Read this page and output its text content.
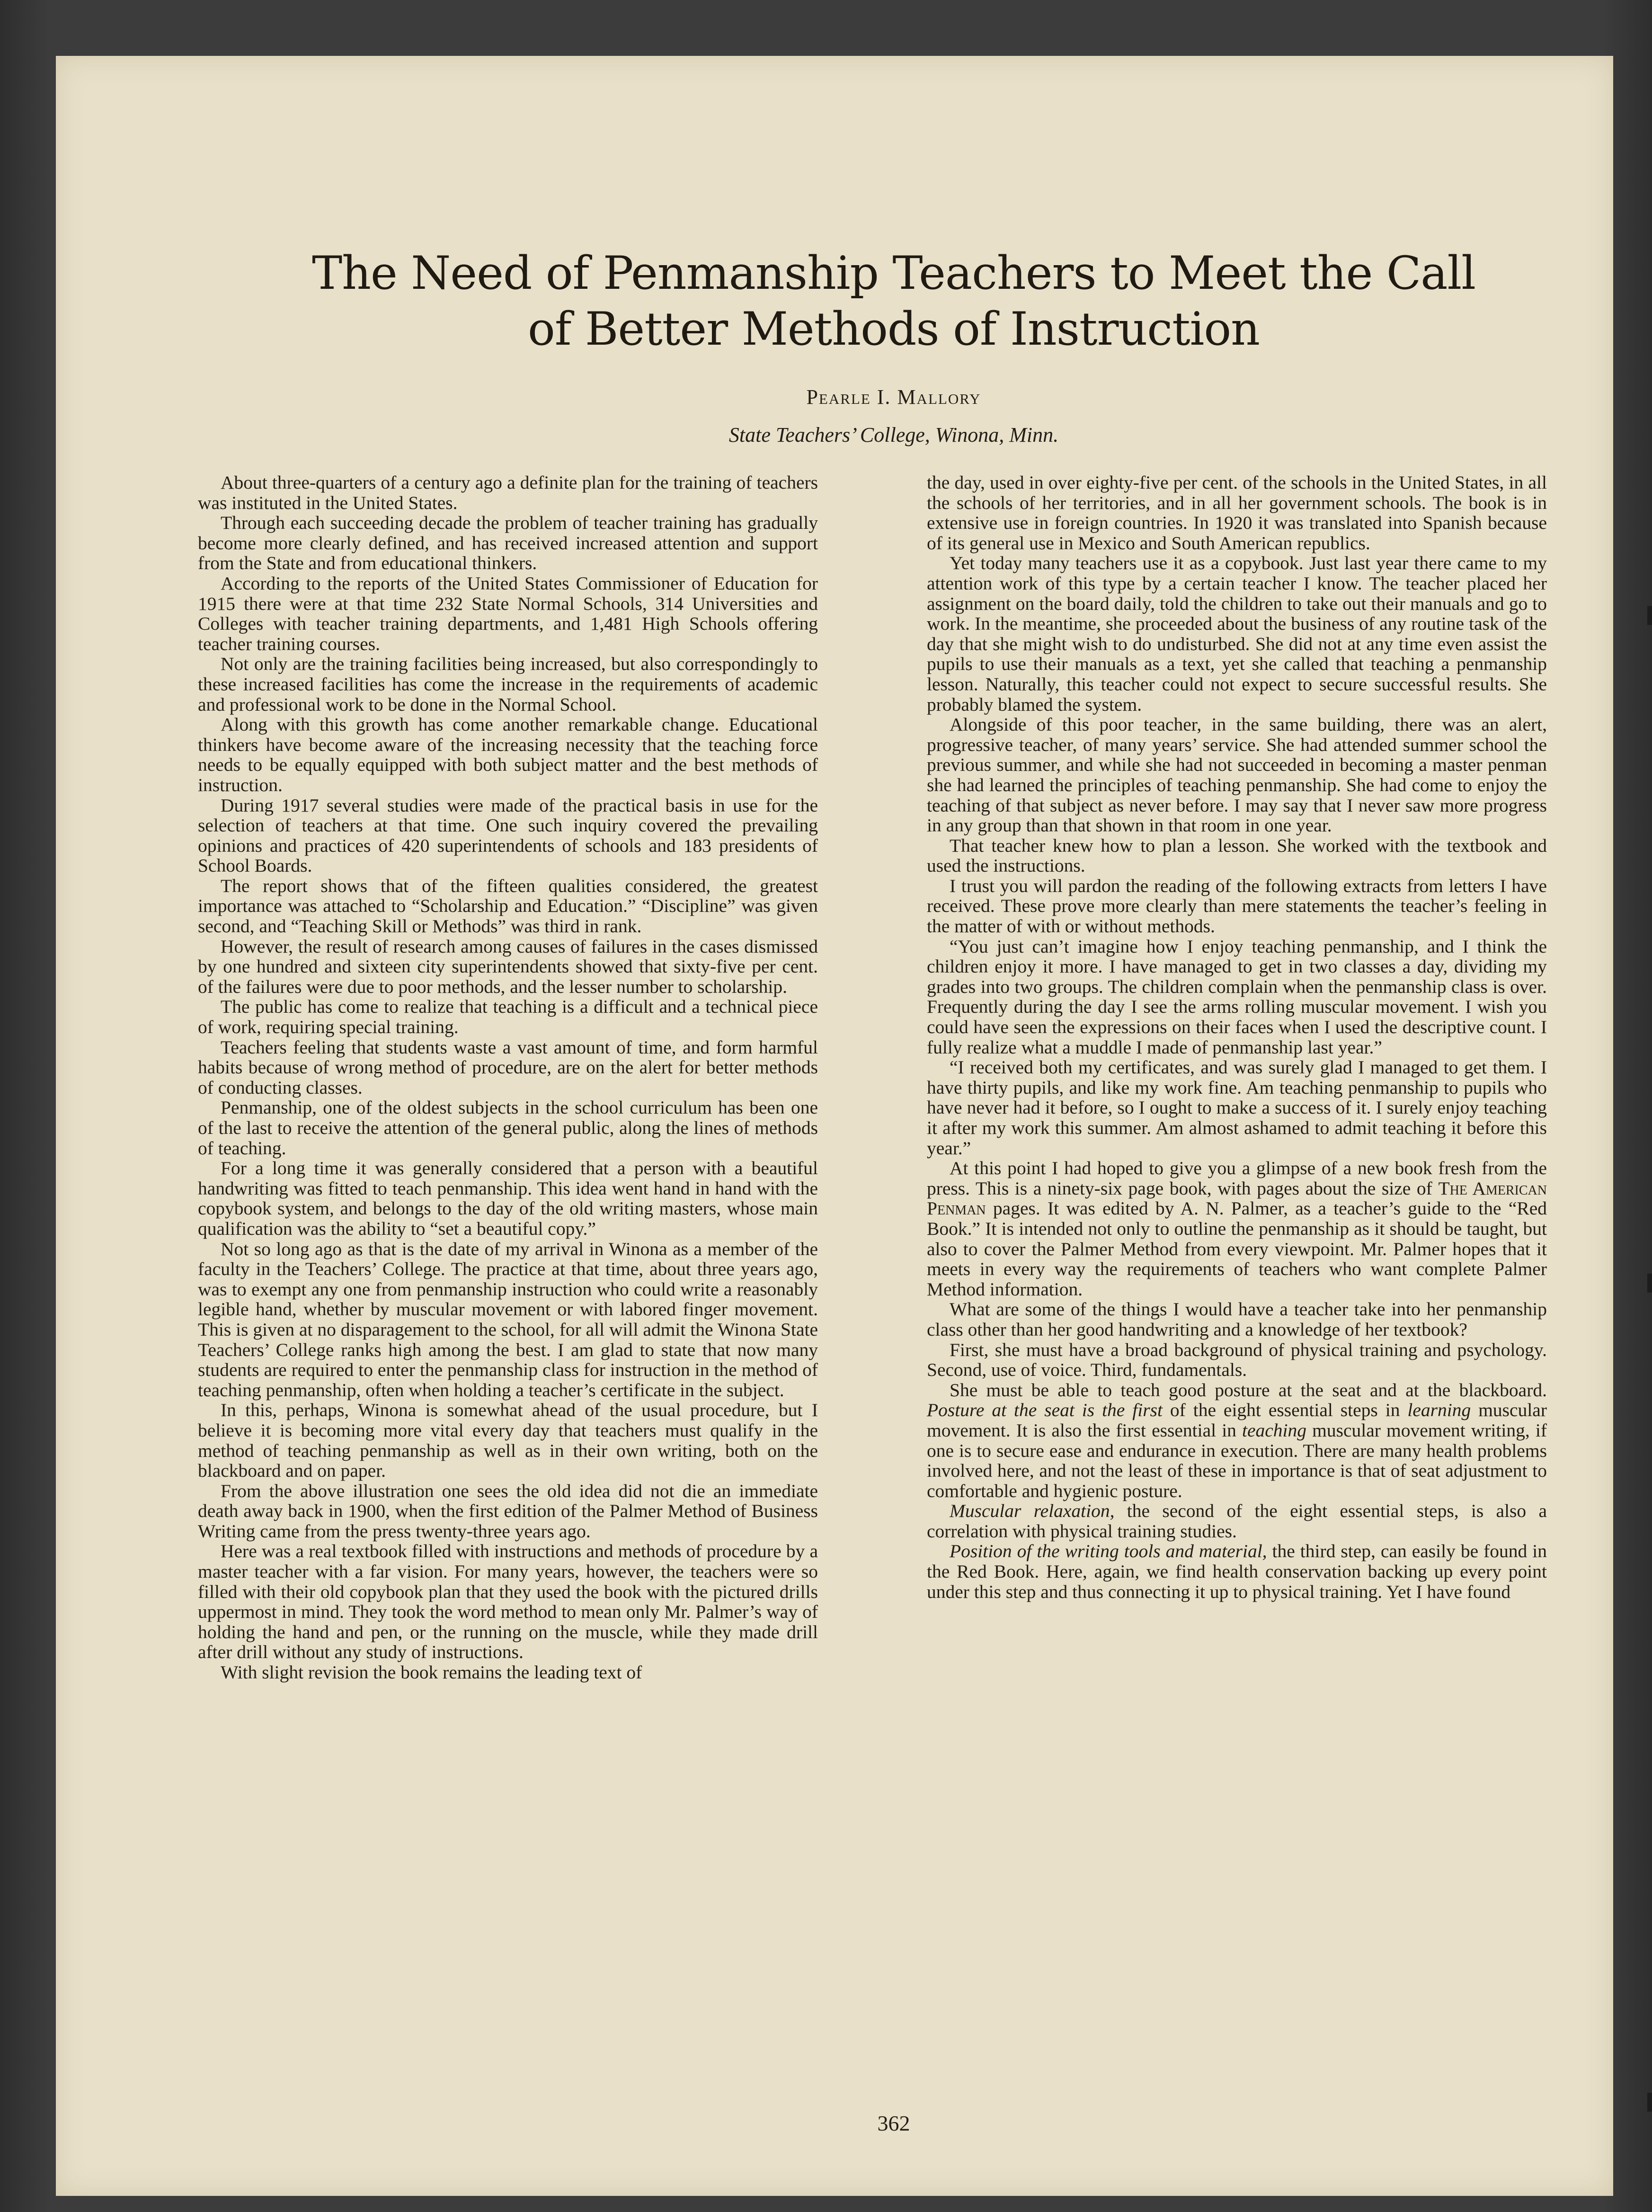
The Need of Penmanship Teachers to Meet the Call
of Better Methods of Instruction
Pearle I. Mallory
State Teachers’ College, Winona, Minn.

About three-quarters of a century ago a definite plan for the training of teachers was instituted in the United States.

Through each succeeding decade the problem of teacher training has gradually become more clearly defined, and has received increased attention and support from the State and from educational thinkers.

According to the reports of the United States Commissioner of Education for 1915 there were at that time 232 State Normal Schools, 314 Universities and Colleges with teacher training departments, and 1,481 High Schools offering teacher training courses.

Not only are the training facilities being increased, but also correspondingly to these increased facilities has come the increase in the requirements of academic and professional work to be done in the Normal School.

Along with this growth has come another remarkable change. Educational thinkers have become aware of the increasing necessity that the teaching force needs to be equally equipped with both subject matter and the best methods of instruction.

During 1917 several studies were made of the practical basis in use for the selection of teachers at that time. One such inquiry covered the prevailing opinions and practices of 420 superintendents of schools and 183 presidents of School Boards.

The report shows that of the fifteen qualities considered, the greatest importance was attached to “Scholarship and Education.” “Discipline” was given second, and “Teaching Skill or Methods” was third in rank.

However, the result of research among causes of failures in the cases dismissed by one hundred and sixteen city superintendents showed that sixty-five per cent. of the failures were due to poor methods, and the lesser number to scholarship.

The public has come to realize that teaching is a difficult and a technical piece of work, requiring special training.

Teachers feeling that students waste a vast amount of time, and form harmful habits because of wrong method of procedure, are on the alert for better methods of conducting classes.

Penmanship, one of the oldest subjects in the school curriculum has been one of the last to receive the attention of the general public, along the lines of methods of teaching.

For a long time it was generally considered that a person with a beautiful handwriting was fitted to teach penmanship. This idea went hand in hand with the copybook system, and belongs to the day of the old writing masters, whose main qualification was the ability to “set a beautiful copy.”

Not so long ago as that is the date of my arrival in Winona as a member of the faculty in the Teachers’ College. The practice at that time, about three years ago, was to exempt any one from penmanship instruction who could write a reasonably legible hand, whether by muscular movement or with labored finger movement. This is given at no disparagement to the school, for all will admit the Winona State Teachers’ College ranks high among the best. I am glad to state that now many students are required to enter the penmanship class for instruction in the method of teaching penmanship, often when holding a teacher’s certificate in the subject.

In this, perhaps, Winona is somewhat ahead of the usual procedure, but I believe it is becoming more vital every day that teachers must qualify in the method of teaching penmanship as well as in their own writing, both on the blackboard and on paper.

From the above illustration one sees the old idea did not die an immediate death away back in 1900, when the first edition of the Palmer Method of Business Writing came from the press twenty-three years ago.

Here was a real textbook filled with instructions and methods of procedure by a master teacher with a far vision. For many years, however, the teachers were so filled with their old copybook plan that they used the book with the pictured drills uppermost in mind. They took the word method to mean only Mr. Palmer’s way of holding the hand and pen, or the running on the muscle, while they made drill after drill without any study of instructions.

With slight revision the book remains the leading text of

the day, used in over eighty-five per cent. of the schools in the United States, in all the schools of her territories, and in all her government schools. The book is in extensive use in foreign countries. In 1920 it was translated into Spanish because of its general use in Mexico and South American republics.

Yet today many teachers use it as a copybook. Just last year there came to my attention work of this type by a certain teacher I know. The teacher placed her assignment on the board daily, told the children to take out their manuals and go to work. In the meantime, she proceeded about the business of any routine task of the day that she might wish to do undisturbed. She did not at any time even assist the pupils to use their manuals as a text, yet she called that teaching a penmanship lesson. Naturally, this teacher could not expect to secure successful results. She probably blamed the system.

Alongside of this poor teacher, in the same building, there was an alert, progressive teacher, of many years’ service. She had attended summer school the previous summer, and while she had not succeeded in becoming a master penman she had learned the principles of teaching penmanship. She had come to enjoy the teaching of that subject as never before. I may say that I never saw more progress in any group than that shown in that room in one year.

That teacher knew how to plan a lesson. She worked with the textbook and used the instructions.

I trust you will pardon the reading of the following extracts from letters I have received. These prove more clearly than mere statements the teacher’s feeling in the matter of with or without methods.

“You just can’t imagine how I enjoy teaching penmanship, and I think the children enjoy it more. I have managed to get in two classes a day, dividing my grades into two groups. The children complain when the penmanship class is over. Frequently during the day I see the arms rolling muscular movement. I wish you could have seen the expressions on their faces when I used the descriptive count. I fully realize what a muddle I made of penmanship last year.”

“I received both my certificates, and was surely glad I managed to get them. I have thirty pupils, and like my work fine. Am teaching penmanship to pupils who have never had it before, so I ought to make a success of it. I surely enjoy teaching it after my work this summer. Am almost ashamed to admit teaching it before this year.”

At this point I had hoped to give you a glimpse of a new book fresh from the press. This is a ninety-six page book, with pages about the size of The American Penman pages. It was edited by A. N. Palmer, as a teacher’s guide to the “Red Book.” It is intended not only to outline the penmanship as it should be taught, but also to cover the Palmer Method from every viewpoint. Mr. Palmer hopes that it meets in every way the requirements of teachers who want complete Palmer Method information.

What are some of the things I would have a teacher take into her penmanship class other than her good handwriting and a knowledge of her textbook?

First, she must have a broad background of physical training and psychology. Second, use of voice. Third, fundamentals.

She must be able to teach good posture at the seat and at the blackboard. Posture at the seat is the first of the eight essential steps in learning muscular movement. It is also the first essential in teaching muscular movement writing, if one is to secure ease and endurance in execution. There are many health problems involved here, and not the least of these in importance is that of seat adjustment to comfortable and hygienic posture.

Muscular relaxation, the second of the eight essential steps, is also a correlation with physical training studies.

Position of the writing tools and material, the third step, can easily be found in the Red Book. Here, again, we find health conservation backing up every point under this step and thus connecting it up to physical training. Yet I have found

362
